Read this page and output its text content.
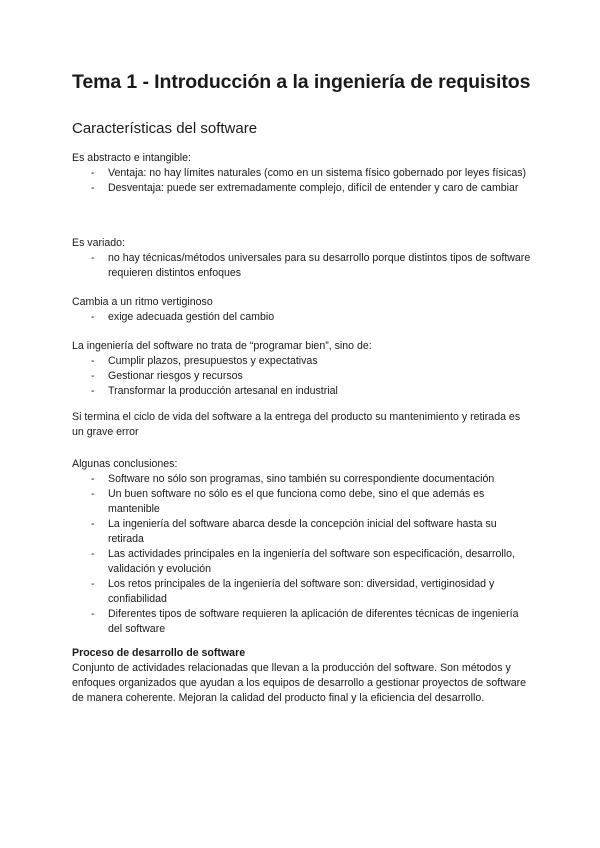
Tema 1 - Introducción a la ingeniería de requisitos
Características del software

Es abstracto e intangible:

- Ventaja: no hay límites naturales (como en un sistema físico gobernado por leyes físicas)
- Desventaja: puede ser extremadamente complejo, difícil de entender y caro de cambiar

Es variado:

- no hay técnicas/métodos universales para su desarrollo porque distintos tipos de software requieren distintos enfoques

Cambia a un ritmo vertiginoso

- exige adecuada gestión del cambio

La ingeniería del software no trata de “programar bien”, sino de:

- Cumplir plazos, presupuestos y expectativas
- Gestionar riesgos y recursos
- Transformar la producción artesanal en industrial

Si termina el ciclo de vida del software a la entrega del producto su mantenimiento y retirada es un grave error

Algunas conclusiones:

- Software no sólo son programas, sino también su correspondiente documentación
- Un buen software no sólo es el que funciona como debe, sino el que además es mantenible
- La ingeniería del software abarca desde la concepción inicial del software hasta su retirada
- Las actividades principales en la ingeniería del software son especificación, desarrollo, validación y evolución
- Los retos principales de la ingeniería del software son: diversidad, vertiginosidad y confiabilidad
- Diferentes tipos de software requieren la aplicación de diferentes técnicas de ingeniería del software

Proceso de desarrollo de software

Conjunto de actividades relacionadas que llevan a la producción del software. Son métodos y enfoques organizados que ayudan a los equipos de desarrollo a gestionar proyectos de software de manera coherente. Mejoran la calidad del producto final y la eficiencia del desarrollo.
